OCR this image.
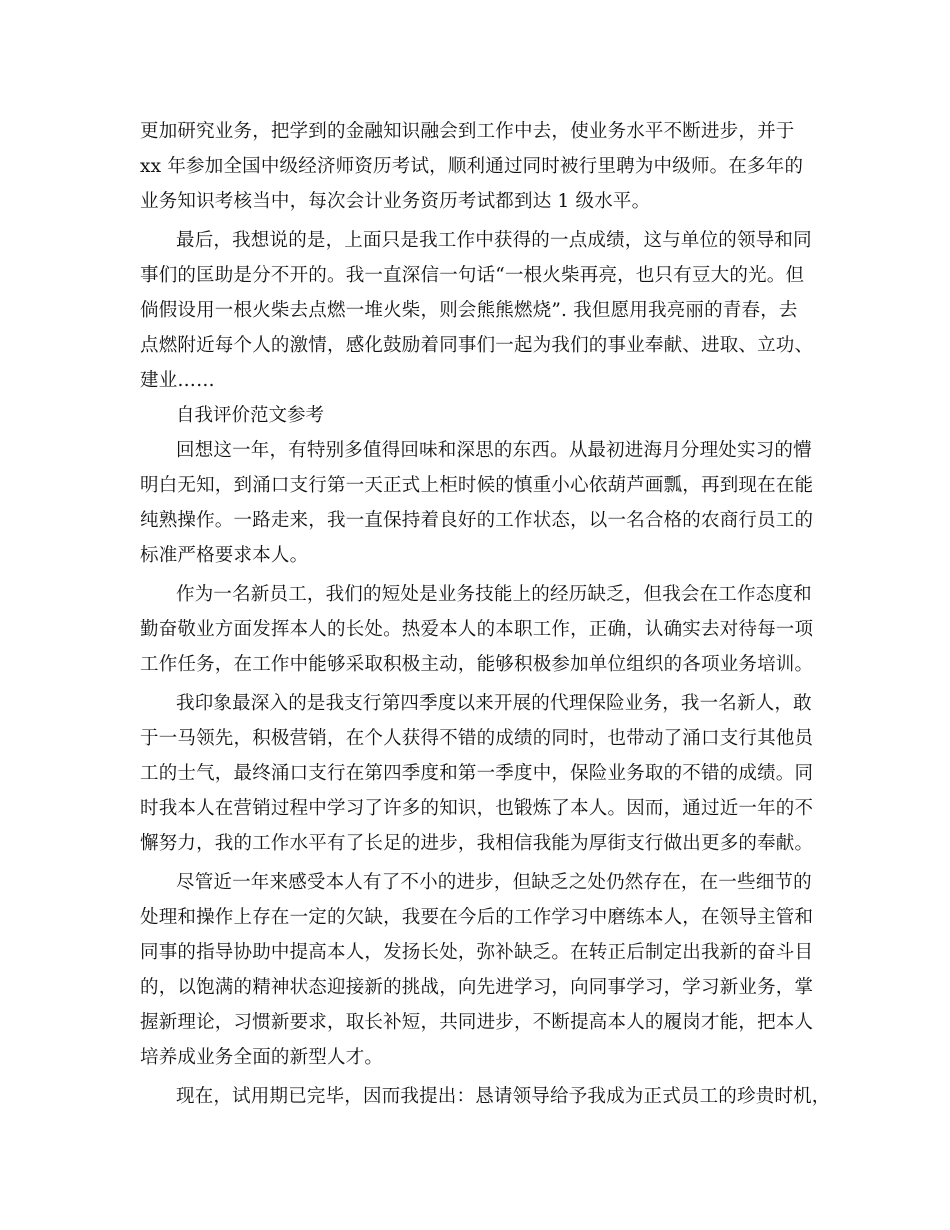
更加研究业务，把学到的金融知识融会到工作中去，使业务水平不断进步，并于
xx 年参加全国中级经济师资历考试，顺利通过同时被行里聘为中级师。在多年的
业务知识考核当中，每次会计业务资历考试都到达 1 级水平。
最后，我想说的是，上面只是我工作中获得的一点成绩，这与单位的领导和同
事们的匡助是分不开的。我一直深信一句话“一根火柴再亮，也只有豆大的光。但
倘假设用一根火柴去点燃一堆火柴，则会熊熊燃烧”. 我但愿用我亮丽的青春，去
点燃附近每个人的激情，感化鼓励着同事们一起为我们的事业奉献、进取、立功、
建业……
自我评价范文参考
回想这一年，有特别多值得回味和深思的东西。从最初进海月分理处实习的懵
明白无知，到涌口支行第一天正式上柜时候的慎重小心依葫芦画瓢，再到现在在能
纯熟操作。一路走来，我一直保持着良好的工作状态，以一名合格的农商行员工的
标准严格要求本人。
作为一名新员工，我们的短处是业务技能上的经历缺乏，但我会在工作态度和
勤奋敬业方面发挥本人的长处。热爱本人的本职工作，正确，认确实去对待每一项
工作任务，在工作中能够采取积极主动，能够积极参加单位组织的各项业务培训。
我印象最深入的是我支行第四季度以来开展的代理保险业务，我一名新人，敢
于一马领先，积极营销，在个人获得不错的成绩的同时，也带动了涌口支行其他员
工的士气，最终涌口支行在第四季度和第一季度中，保险业务取的不错的成绩。同
时我本人在营销过程中学习了许多的知识，也锻炼了本人。因而，通过近一年的不
懈努力，我的工作水平有了长足的进步，我相信我能为厚街支行做出更多的奉献。
尽管近一年来感受本人有了不小的进步，但缺乏之处仍然存在，在一些细节的
处理和操作上存在一定的欠缺，我要在今后的工作学习中磨练本人，在领导主管和
同事的指导协助中提高本人，发扬长处，弥补缺乏。在转正后制定出我新的奋斗目
的，以饱满的精神状态迎接新的挑战，向先进学习，向同事学习，学习新业务，掌
握新理论，习惯新要求，取长补短，共同进步，不断提高本人的履岗才能，把本人
培养成业务全面的新型人才。
现在，试用期已完毕，因而我提出：恳请领导给予我成为正式员工的珍贵时机，
